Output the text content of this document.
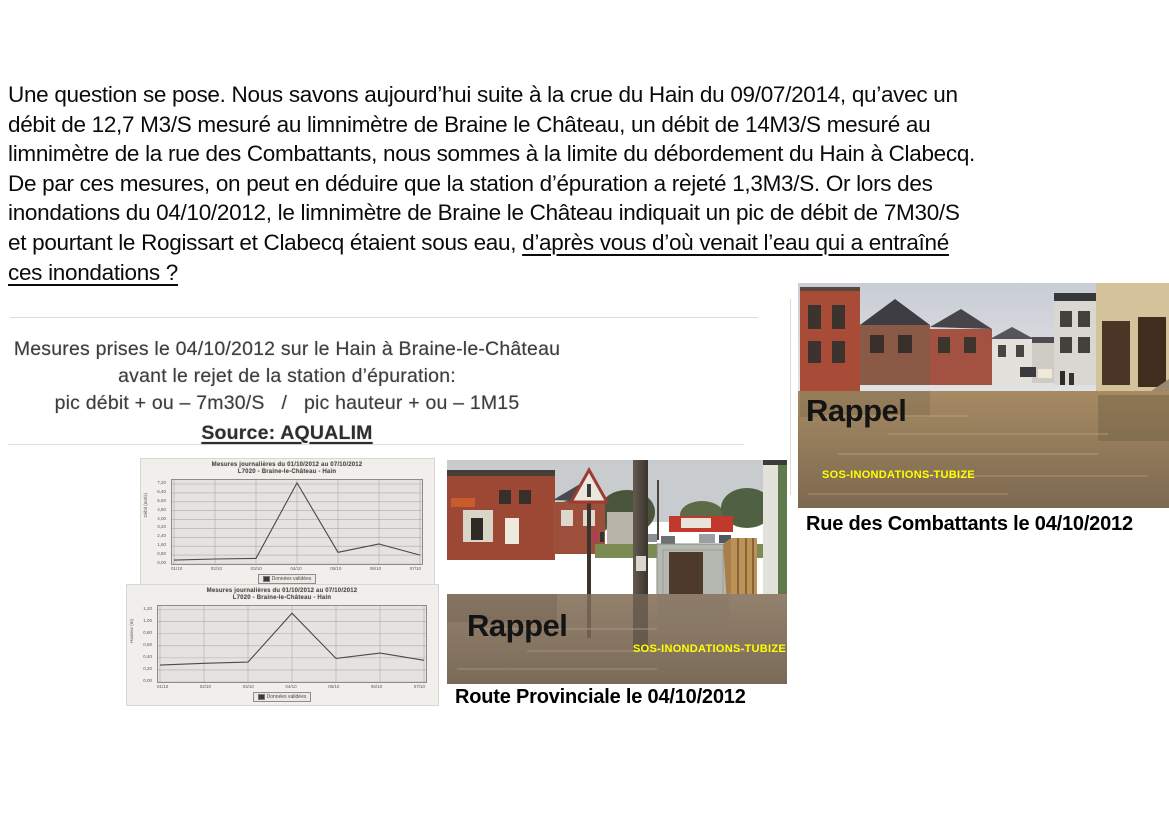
Une question se pose. Nous savons aujourd’hui suite à la crue du Hain du 09/07/2014, qu’avec un
débit de 12,7 M3/S mesuré au limnimètre de Braine le Château, un débit de 14M3/S mesuré au
limnimètre de la rue des Combattants, nous sommes à la limite du débordement du Hain à Clabecq.
De par ces mesures, on peut en déduire que la station d’épuration a rejeté 1,3M3/S. Or lors des
inondations du 04/10/2012, le limnimètre de Braine le Château indiquait un pic de débit de 7M30/S
et pourtant le Rogissart et Clabecq étaient sous eau, d’après vous d’où venait l’eau qui a entraîné
ces inondations ?
Mesures prises le 04/10/2012 sur le Hain à Braine-le-Château
avant le rejet de la station d’épuration:
pic débit + ou – 7m30/S   /   pic hauteur + ou – 1M15
Source: AQUALIM
Mesures journalières du 01/10/2012 au 07/10/2012
L7020 - Braine-le-Château - Hain
Débit (m3/s)
7,20
6,40
5,60
4,80
4,00
3,20
2,40
1,60
0,80
0,00
01/10	02/10	03/10	04/10	05/10	06/10	07/10
Données validées
Mesures journalières du 01/10/2012 au 07/10/2012
L7020 - Braine-le-Château - Hain
Hauteur (m)
1,20
1,00
0,80
0,60
0,40
0,20
0,00
01/10	02/10	03/10	04/10	05/10	06/10	07/10
Données validées
Rappel
SOS-INONDATIONS-TUBIZE
Rue des Combattants le 04/10/2012
Rappel
SOS-INONDATIONS-TUBIZE
Route Provinciale le 04/10/2012
